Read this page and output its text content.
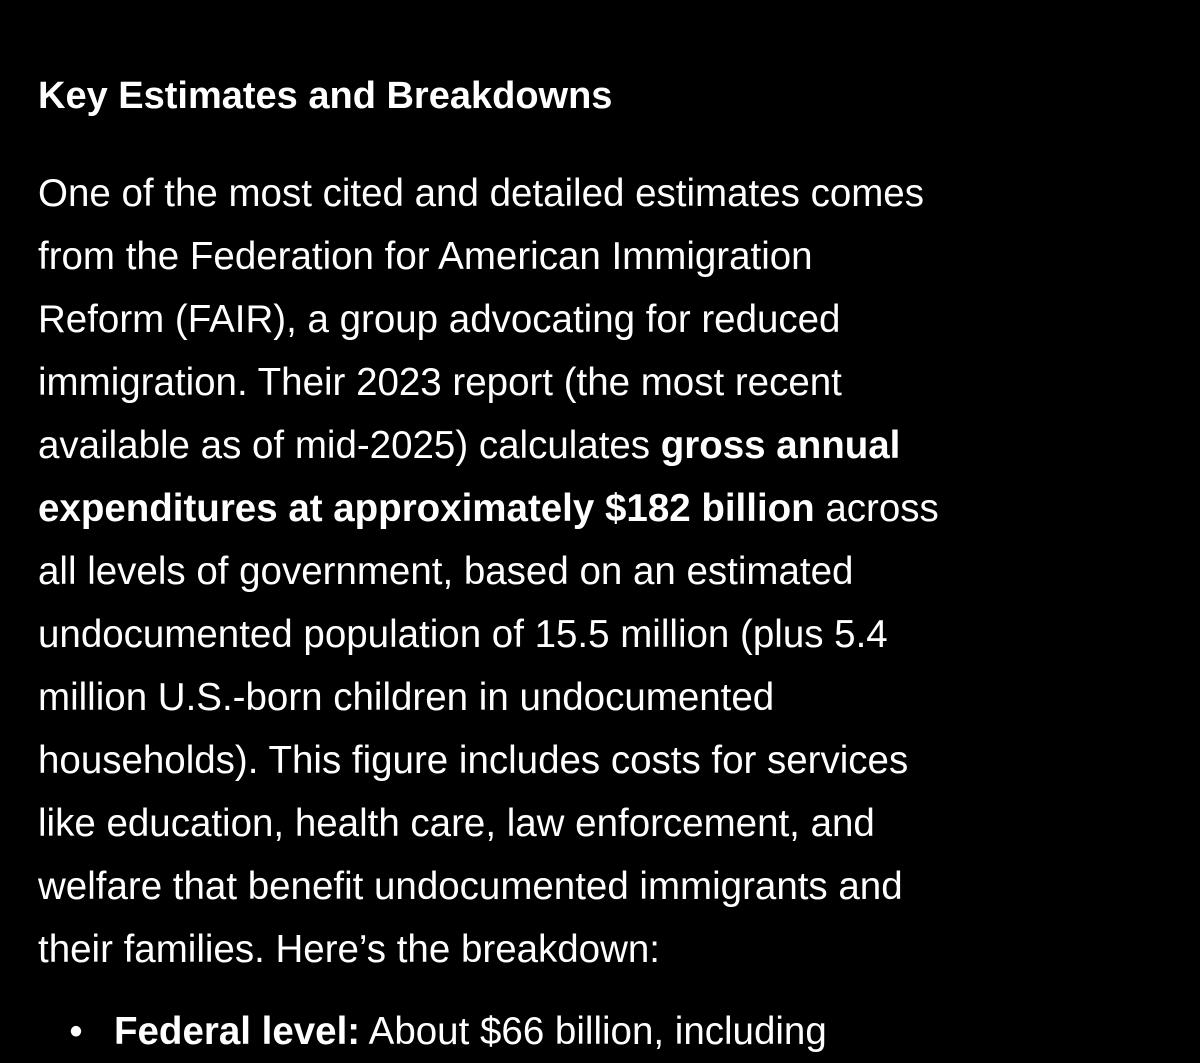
Key Estimates and Breakdowns

One of the most cited and detailed estimates comes
from the Federation for American Immigration
Reform (FAIR), a group advocating for reduced
immigration. Their 2023 report (the most recent
available as of mid-2025) calculates gross annual
expenditures at approximately $182 billion across
all levels of government, based on an estimated
undocumented population of 15.5 million (plus 5.4
million U.S.-born children in undocumented
households). This figure includes costs for services
like education, health care, law enforcement, and
welfare that benefit undocumented immigrants and
their families. Here’s the breakdown:

• Federal level: About $66 billion, including
